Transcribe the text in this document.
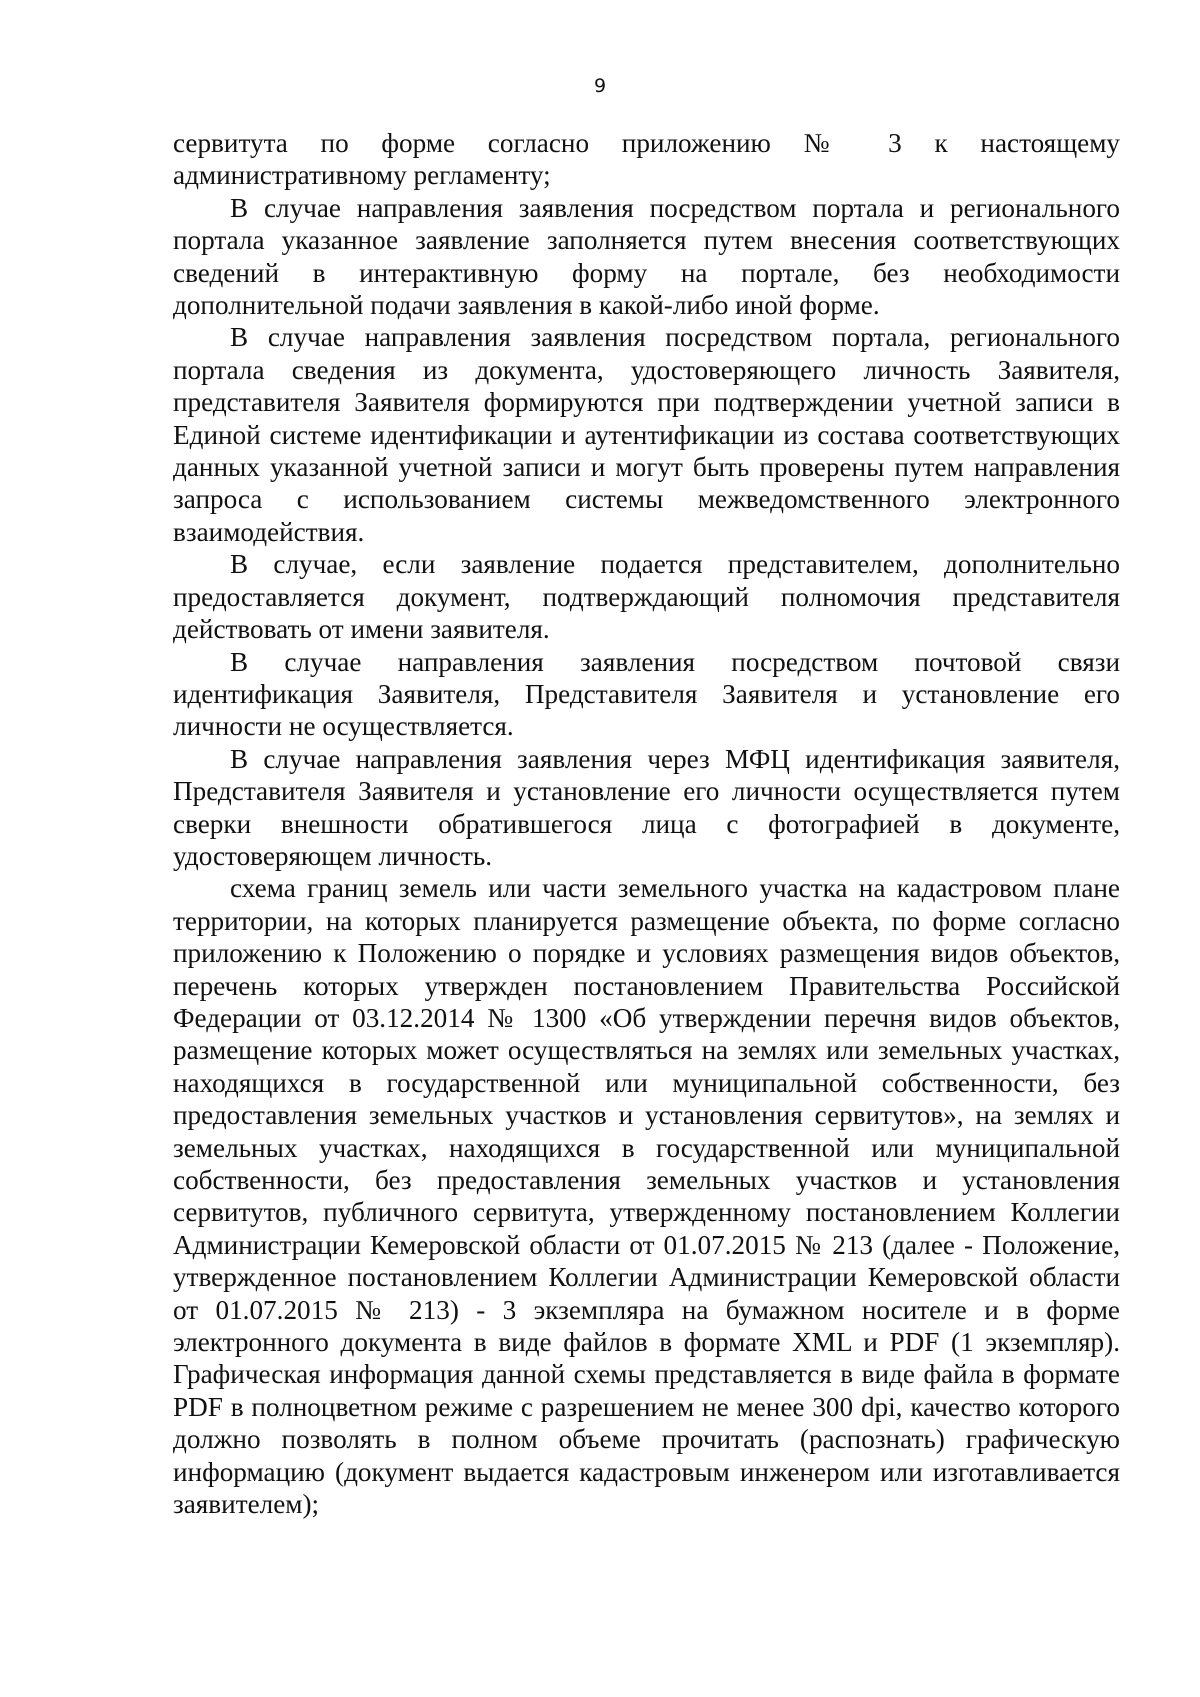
9

сервитута по форме согласно приложению № 3 к настоящему административному регламенту;

В случае направления заявления посредством портала и регионального портала указанное заявление заполняется путем внесения соответствующих сведений в интерактивную форму на портале, без необходимости дополнительной подачи заявления в какой-либо иной форме.

В случае направления заявления посредством портала, регионального портала сведения из документа, удостоверяющего личность Заявителя, представителя Заявителя формируются при подтверждении учетной записи в Единой системе идентификации и аутентификации из состава соответствующих данных указанной учетной записи и могут быть проверены путем направления запроса с использованием системы межведомственного электронного взаимодействия.

В случае, если заявление подается представителем, дополнительно предоставляется документ, подтверждающий полномочия представителя действовать от имени заявителя.

В случае направления заявления посредством почтовой связи идентификация Заявителя, Представителя Заявителя и установление его личности не осуществляется.

В случае направления заявления через МФЦ идентификация заявителя, Представителя Заявителя и установление его личности осуществляется путем сверки внешности обратившегося лица с фотографией в документе, удостоверяющем личность.

схема границ земель или части земельного участка на кадастровом плане территории, на которых планируется размещение объекта, по форме согласно приложению к Положению о порядке и условиях размещения видов объектов, перечень которых утвержден постановлением Правительства Российской Федерации от 03.12.2014 № 1300 «Об утверждении перечня видов объектов, размещение которых может осуществляться на землях или земельных участках, находящихся в государственной или муниципальной собственности, без предоставления земельных участков и установления сервитутов», на землях и земельных участках, находящихся в государственной или муниципальной собственности, без предоставления земельных участков и установления сервитутов, публичного сервитута, утвержденному постановлением Коллегии Администрации Кемеровской области от 01.07.2015 № 213 (далее - Положение, утвержденное постановлением Коллегии Администрации Кемеровской области от 01.07.2015 № 213) - 3 экземпляра на бумажном носителе и в форме электронного документа в виде файлов в формате XML и PDF (1 экземпляр). Графическая информация данной схемы представляется в виде файла в формате PDF в полноцветном режиме с разрешением не менее 300 dpi, качество которого должно позволять в полном объеме прочитать (распознать) графическую информацию (документ выдается кадастровым инженером или изготавливается заявителем);
